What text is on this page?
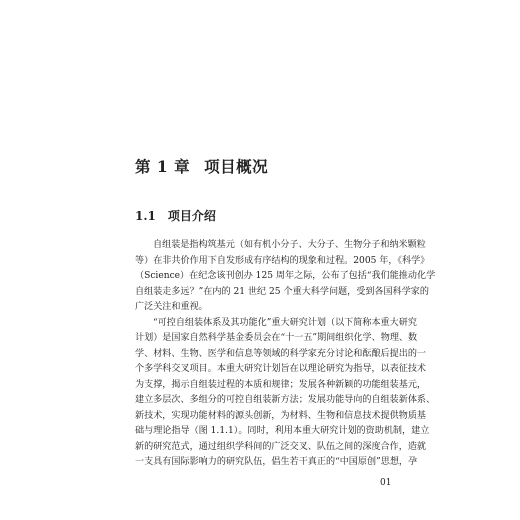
第 1 章 项目概况
1.1 项目介绍
自组装是指构筑基元（如有机小分子、大分子、生物分子和纳米颗粒
等）在非共价作用下自发形成有序结构的现象和过程。2005 年，《科学》
（Science）在纪念该刊创办 125 周年之际，公布了包括“我们能推动化学
自组装走多远？”在内的 21 世纪 25 个重大科学问题，受到各国科学家的
广泛关注和重视。
“可控自组装体系及其功能化”重大研究计划（以下简称本重大研究
计划）是国家自然科学基金委员会在“十一五”期间组织化学、物理、数
学、材料、生物、医学和信息等领域的科学家充分讨论和酝酿后提出的一
个多学科交叉项目。本重大研究计划旨在以理论研究为指导，以表征技术
为支撑，揭示自组装过程的本质和规律；发展各种新颖的功能组装基元，
建立多层次、多组分的可控自组装新方法；发展功能导向的自组装新体系、
新技术，实现功能材料的源头创新，为材料、生物和信息技术提供物质基
础与理论指导（图 1.1.1）。同时，利用本重大研究计划的资助机制，建立
新的研究范式，通过组织学科间的广泛交叉、队伍之间的深度合作，造就
一支具有国际影响力的研究队伍，倡生若干真正的“中国原创”思想，孕
01
